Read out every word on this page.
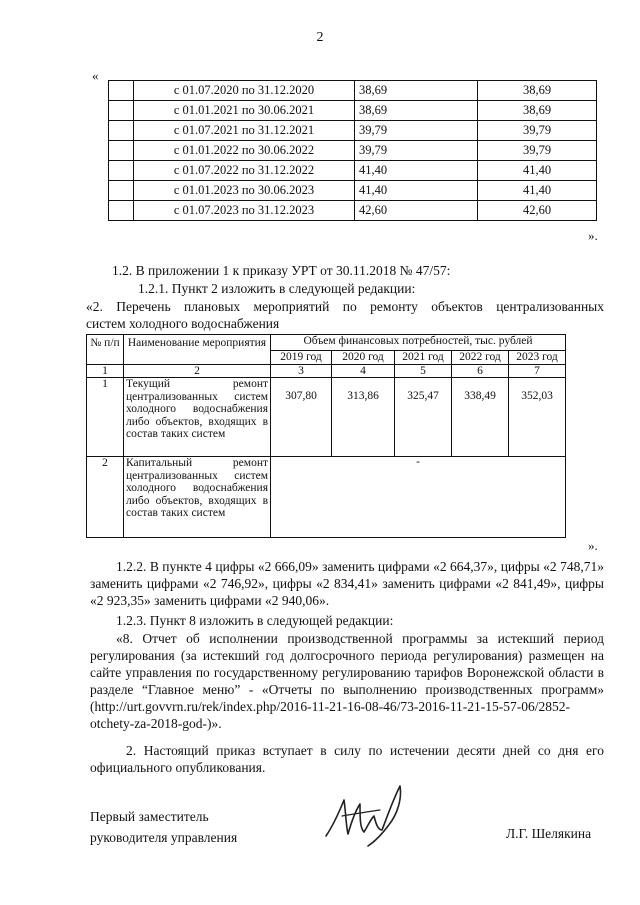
2
«
	с 01.07.2020 по 31.12.2020	38,69	38,69
	с 01.01.2021 по 30.06.2021	38,69	38,69
	с 01.07.2021 по 31.12.2021	39,79	39,79
	с 01.01.2022 по 30.06.2022	39,79	39,79
	с 01.07.2022 по 31.12.2022	41,40	41,40
	с 01.01.2023 по 30.06.2023	41,40	41,40
	с 01.07.2023 по 31.12.2023	42,60	42,60
».
1.2. В приложении 1 к приказу УРТ от 30.11.2018 № 47/57:
1.2.1. Пункт 2 изложить в следующей редакции:
«2. Перечень плановых мероприятий по ремонту объектов централизованных
систем холодного водоснабжения
№ п/п	Наименование мероприятия	Объем финансовых потребностей, тыс. рублей				
		2019 год	2020 год	2021 год	2022 год	2023 год
1	2	3	4	5	6	7
1	Текущий ремонт централизованных систем холодного водоснабжения либо объектов, входящих в состав таких систем	307,80	313,86	325,47	338,49	352,03
2	Капитальный ремонт централизованных систем холодного водоснабжения либо объектов, входящих в состав таких систем	-				
».
1.2.2. В пункте 4 цифры «2 666,09» заменить цифрами «2 664,37», цифры «2 748,71» заменить цифрами «2 746,92», цифры «2 834,41» заменить цифрами «2 841,49», цифры «2 923,35» заменить цифрами «2 940,06».
1.2.3. Пункт 8 изложить в следующей редакции:
«8. Отчет об исполнении производственной программы за истекший период регулирования (за истекший год долгосрочного периода регулирования) размещен на сайте управления по государственному регулированию тарифов Воронежской области в разделе “Главное меню” - «Отчеты по выполнению производственных программ» (http://urt.govvrn.ru/rek/index.php/2016-11-21-16-08-46/73-2016-11-21-15-57-06/2852-otchety-za-2018-god-)».
2. Настоящий приказ вступает в силу по истечении десяти дней со дня его официального опубликования.
Первый заместитель
руководителя управления	Л.Г. Шелякина
